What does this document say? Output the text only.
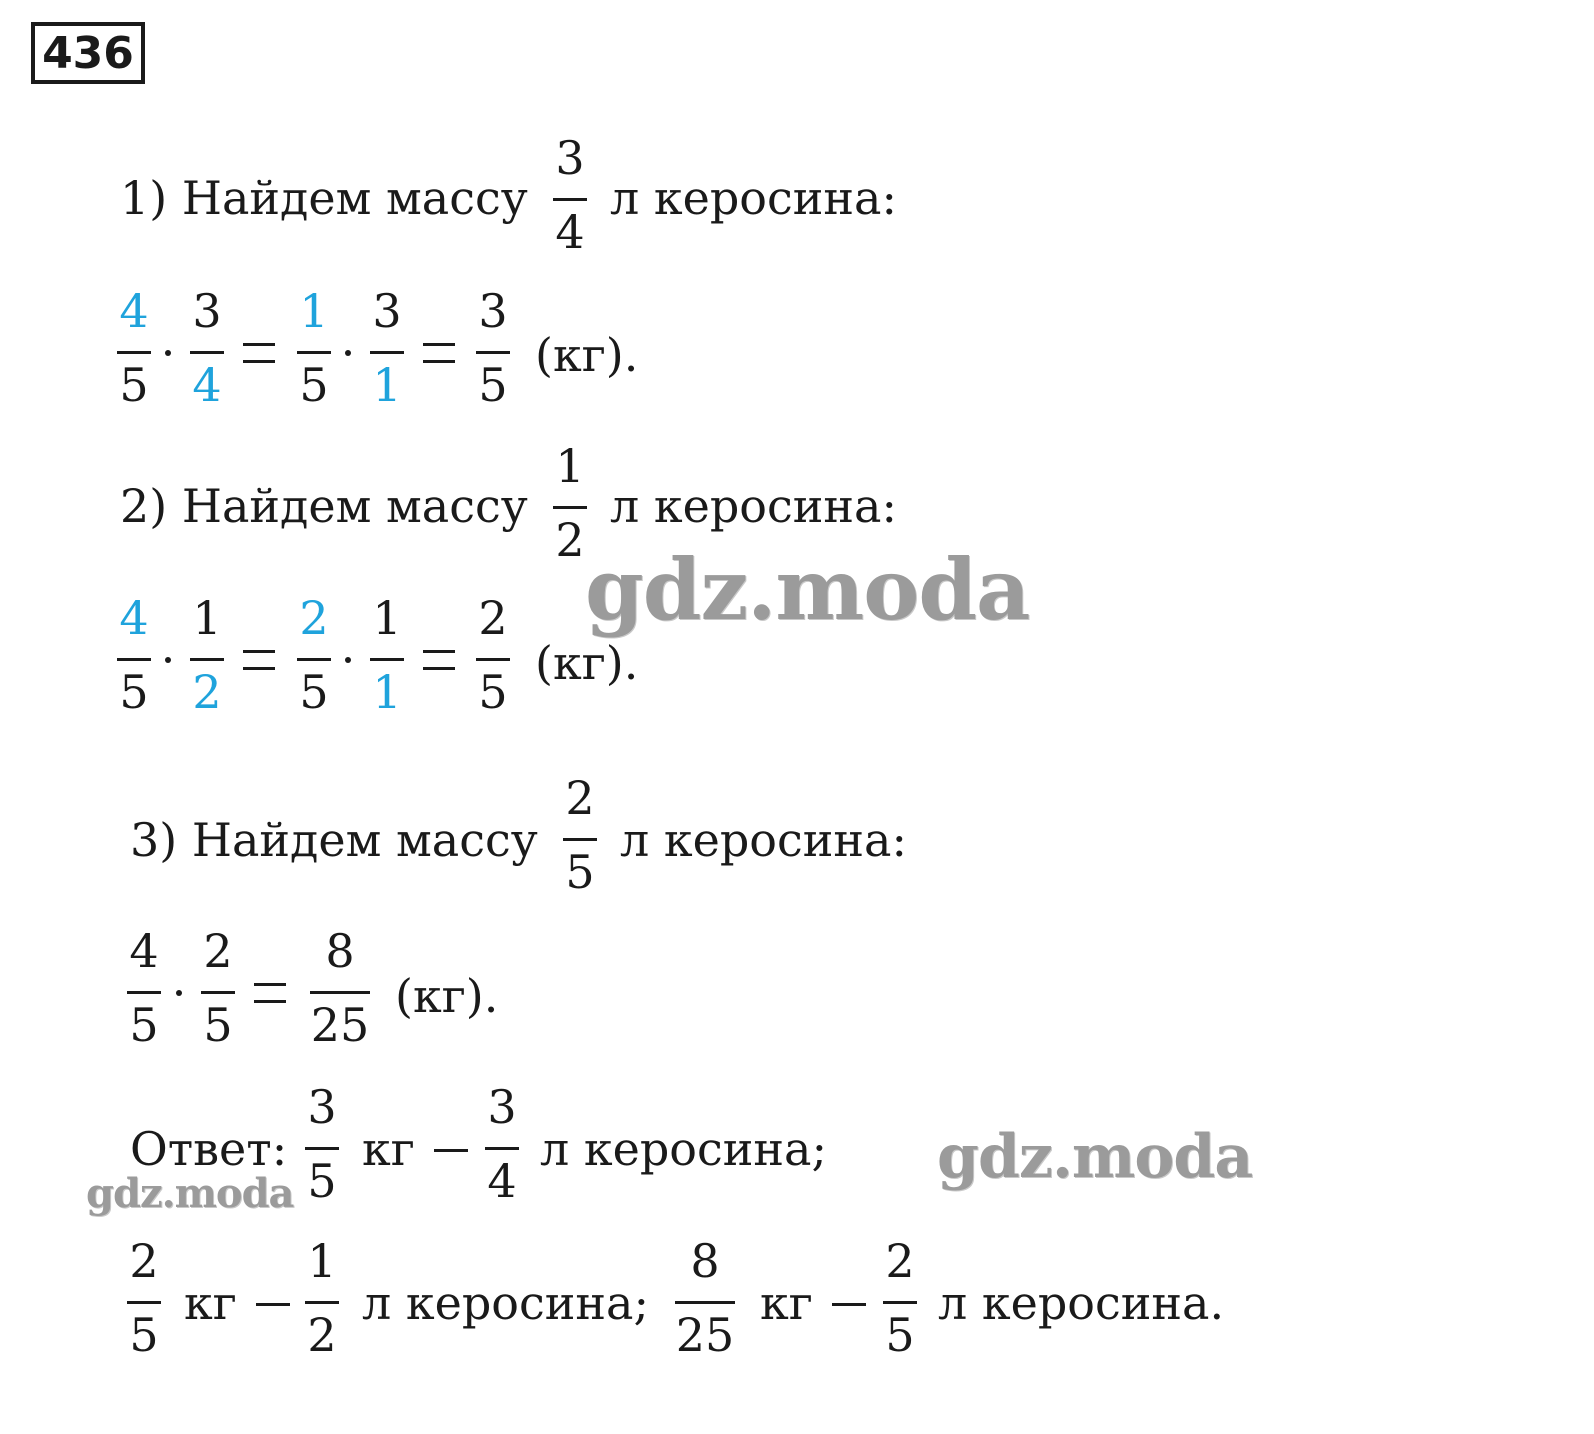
436
1) Найдем массу
3
4
л керосина:
4
5
3
4
1
5
3
1
3
5
(кг).
2) Найдем массу
1
2
л керосина:
4
5
1
2
2
5
1
1
2
5
(кг).
3) Найдем массу
2
5
л керосина:
4
5
2
5
8
25
(кг).
Ответ:
3
5
кг
3
4
л керосина;
2
5
кг
1
2
л керосина;
8
25
кг
2
5
л керосина.
gdz.moda
gdz.moda
gdz.moda
